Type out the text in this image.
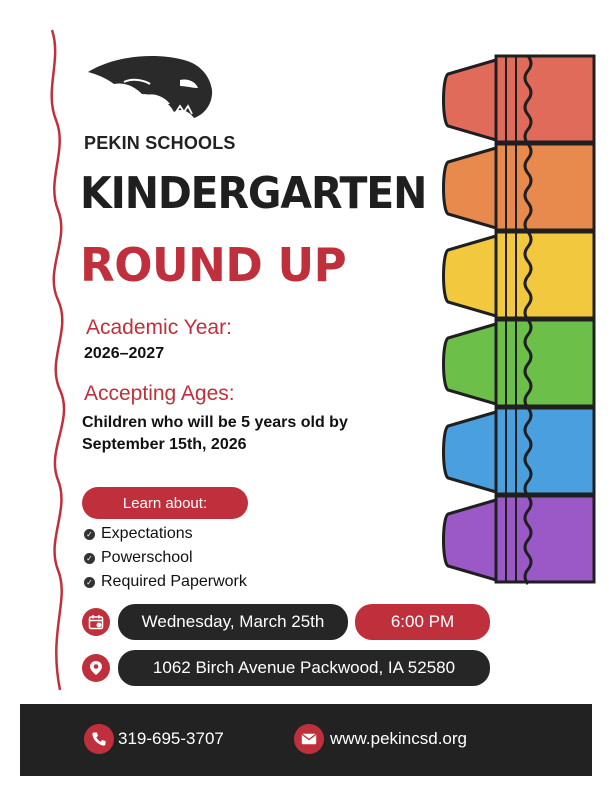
PEKIN SCHOOLS
KINDERGARTEN
ROUND UP
Academic Year:
2026–2027
Accepting Ages:
Children who will be 5 years old by
September 15th, 2026
Learn about:
✓ Expectations
✓ Powerschool
✓ Required Paperwork
Wednesday, March 25th	6:00 PM
1062 Birch Avenue Packwood, IA 52580
319-695-3707	www.pekincsd.org
